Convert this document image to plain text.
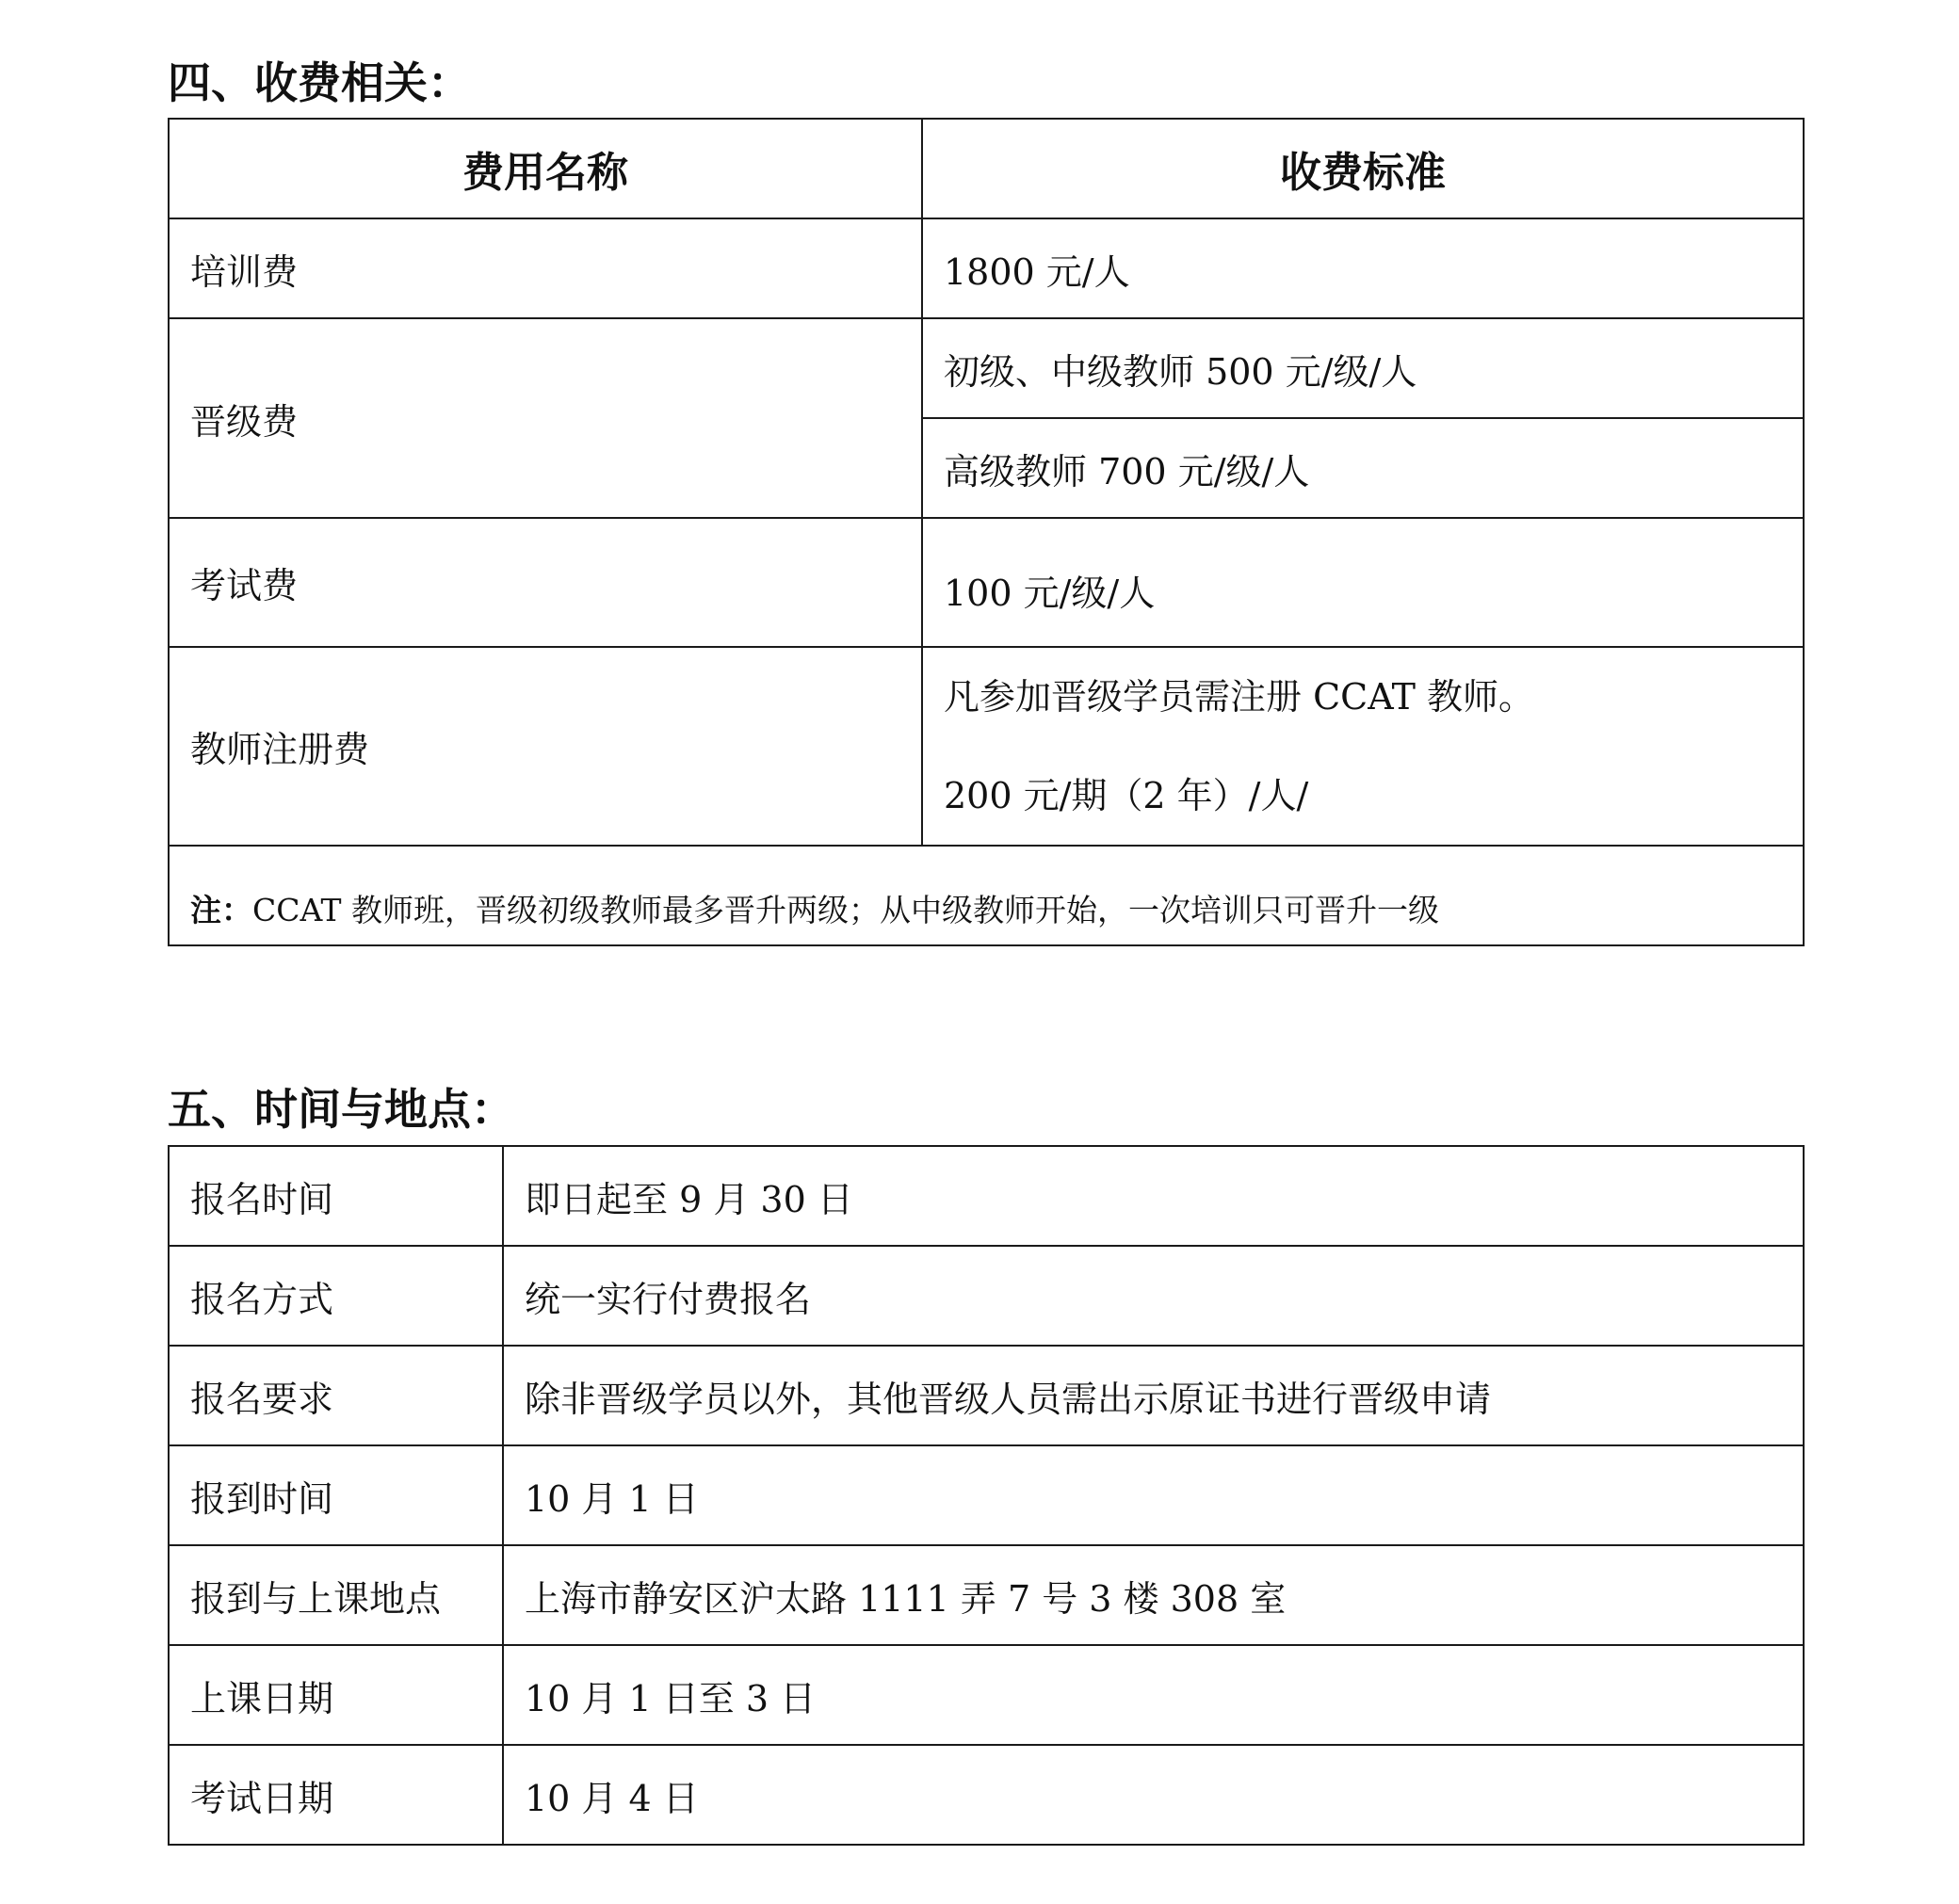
四、收费相关：
费用名称	收费标准
培训费	1800 元/人
晋级费	初级、中级教师 500 元/级/人
	高级教师 700 元/级/人
考试费	100 元/级/人
教师注册费	凡参加晋级学员需注册 CCAT 教师。
200 元/期（2 年）/人/

注：CCAT 教师班，晋级初级教师最多晋升两级；从中级教师开始，一次培训只可晋升一级	
五、时间与地点：
报名时间	即日起至 9 月 30 日
报名方式	统一实行付费报名
报名要求	除非晋级学员以外，其他晋级人员需出示原证书进行晋级申请
报到时间	10 月 1 日
报到与上课地点	上海市静安区沪太路 1111 弄 7 号 3 楼 308 室
上课日期	10 月 1 日至 3 日
考试日期	10 月 4 日
